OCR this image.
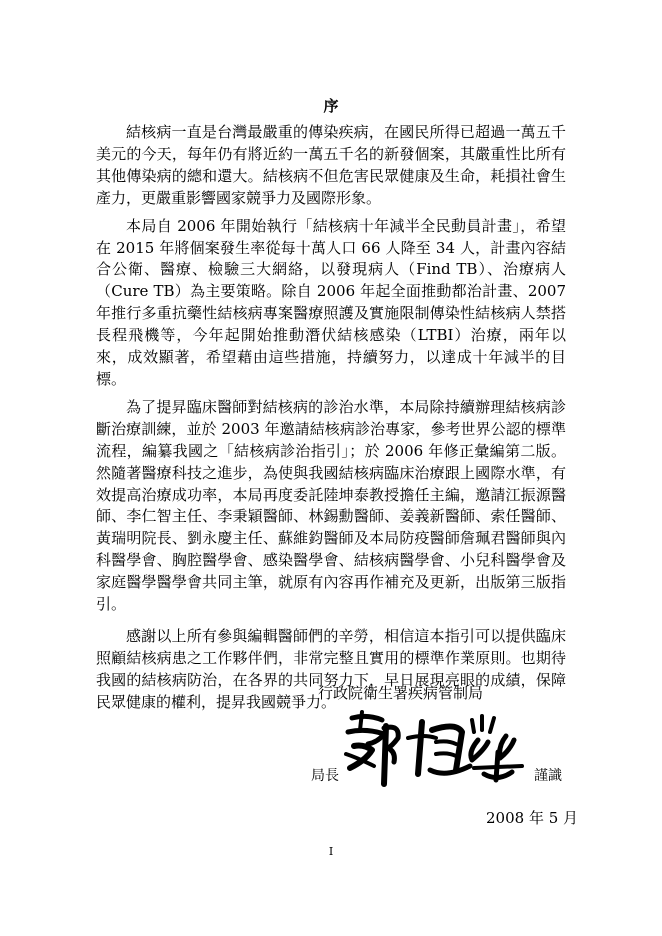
序

結核病一直是台灣最嚴重的傳染疾病，在國民所得已超過一萬五千美元的今天，每年仍有將近約一萬五千名的新發個案，其嚴重性比所有其他傳染病的總和還大。結核病不但危害民眾健康及生命，耗損社會生產力，更嚴重影響國家競爭力及國際形象。

本局自 2006 年開始執行「結核病十年減半全民動員計畫」，希望在 2015 年將個案發生率從每十萬人口 66 人降至 34 人，計畫內容結合公衛、醫療、檢驗三大網絡，以發現病人（Find TB）、治療病人（Cure TB）為主要策略。除自 2006 年起全面推動都治計畫、2007 年推行多重抗藥性結核病專案醫療照護及實施限制傳染性結核病人禁搭長程飛機等，今年起開始推動潛伏結核感染（LTBI）治療，兩年以來，成效顯著，希望藉由這些措施，持續努力，以達成十年減半的目標。

為了提昇臨床醫師對結核病的診治水準，本局除持續辦理結核病診斷治療訓練，並於 2003 年邀請結核病診治專家，參考世界公認的標準流程，編纂我國之「結核病診治指引」；於 2006 年修正彙編第二版。然隨著醫療科技之進步，為使與我國結核病臨床治療跟上國際水準，有效提高治療成功率，本局再度委託陸坤泰教授擔任主編，邀請江振源醫師、李仁智主任、李秉穎醫師、林錫勳醫師、姜義新醫師、索任醫師、黃瑞明院長、劉永慶主任、蘇維鈞醫師及本局防疫醫師詹珮君醫師與內科醫學會、胸腔醫學會、感染醫學會、結核病醫學會、小兒科醫學會及家庭醫學醫學會共同主筆，就原有內容再作補充及更新，出版第三版指引。

感謝以上所有參與編輯醫師們的辛勞，相信這本指引可以提供臨床照顧結核病患之工作夥伴們，非常完整且實用的標準作業原則。也期待我國的結核病防治，在各界的共同努力下，早日展現亮眼的成績，保障民眾健康的權利，提昇我國競爭力。

行政院衛生署疾病管制局
局長	謹識
2008 年 5 月
I
